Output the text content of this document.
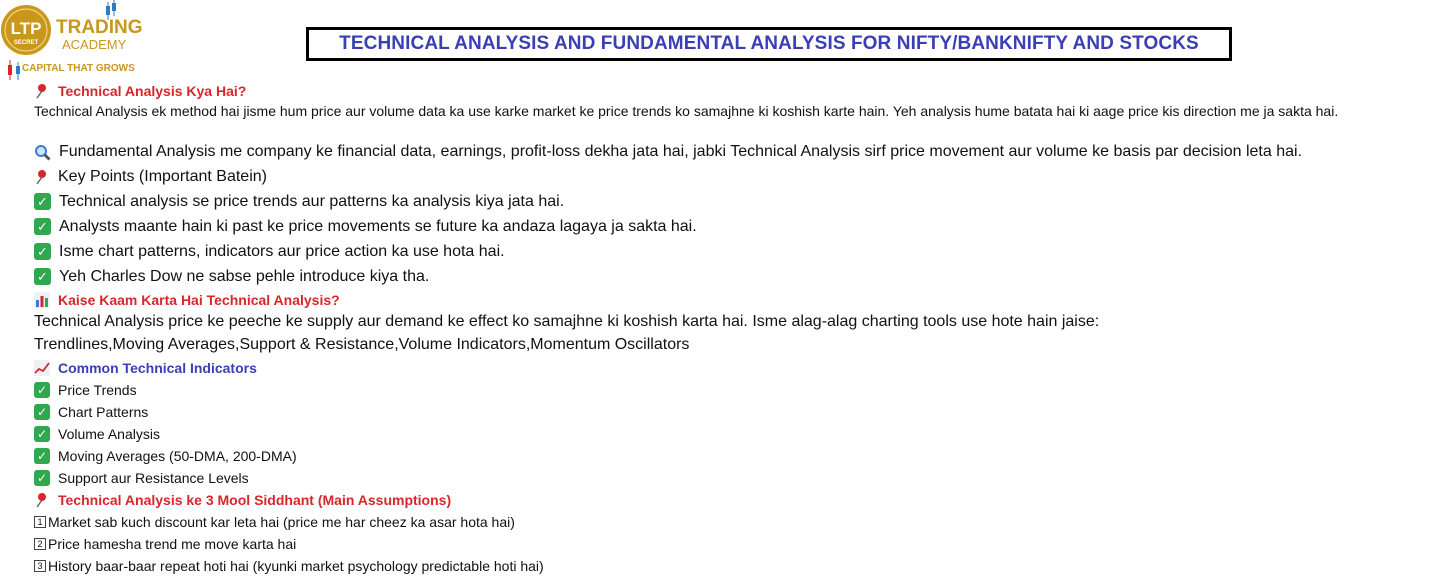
LTP
SECRET
TRADING
ACADEMY
CAPITAL THAT GROWS
TECHNICAL ANALYSIS AND FUNDAMENTAL ANALYSIS FOR NIFTY/BANKNIFTY AND STOCKS
Technical Analysis Kya Hai?
Technical Analysis ek method hai jisme hum price aur volume data ka use karke market ke price trends ko samajhne ki koshish karte hain. Yeh analysis hume batata hai ki aage price kis direction me ja sakta hai.
Fundamental Analysis me company ke financial data, earnings, profit-loss dekha jata hai, jabki Technical Analysis sirf price movement aur volume ke basis par decision leta hai.
Key Points (Important Batein)
✓ Technical analysis se price trends aur patterns ka analysis kiya jata hai.
✓ Analysts maante hain ki past ke price movements se future ka andaza lagaya ja sakta hai.
✓ Isme chart patterns, indicators aur price action ka use hota hai.
✓ Yeh Charles Dow ne sabse pehle introduce kiya tha.
Kaise Kaam Karta Hai Technical Analysis?
Technical Analysis price ke peeche ke supply aur demand ke effect ko samajhne ki koshish karta hai. Isme alag-alag charting tools use hote hain jaise:
Trendlines,Moving Averages,Support & Resistance,Volume Indicators,Momentum Oscillators
Common Technical Indicators
✓ Price Trends
✓ Chart Patterns
✓ Volume Analysis
✓ Moving Averages (50-DMA, 200-DMA)
✓ Support aur Resistance Levels
Technical Analysis ke 3 Mool Siddhant (Main Assumptions)
1 Market sab kuch discount kar leta hai (price me har cheez ka asar hota hai)
2 Price hamesha trend me move karta hai
3 History baar-baar repeat hoti hai (kyunki market psychology predictable hoti hai)
